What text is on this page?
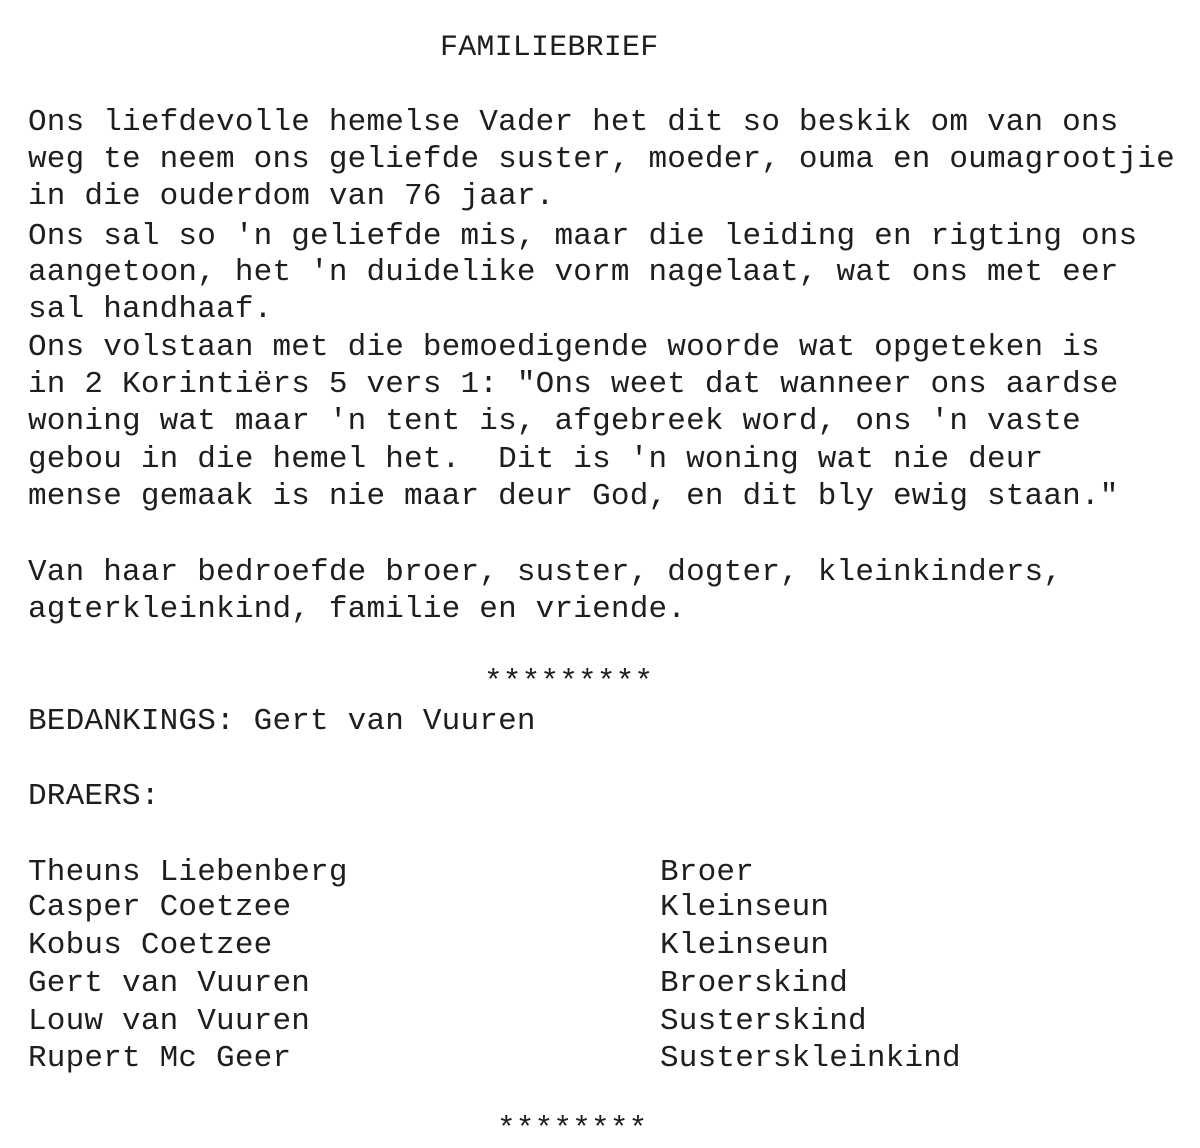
FAMILIEBRIEF
Ons liefdevolle hemelse Vader het dit so beskik om van ons
weg te neem ons geliefde suster, moeder, ouma en oumagrootjie
in die ouderdom van 76 jaar.
Ons sal so 'n geliefde mis, maar die leiding en rigting ons
aangetoon, het 'n duidelike vorm nagelaat, wat ons met eer
sal handhaaf.
Ons volstaan met die bemoedigende woorde wat opgeteken is
in 2 Korintiërs 5 vers 1: "Ons weet dat wanneer ons aardse
woning wat maar 'n tent is, afgebreek word, ons 'n vaste
gebou in die hemel het.  Dit is 'n woning wat nie deur
mense gemaak is nie maar deur God, en dit bly ewig staan."
Van haar bedroefde broer, suster, dogter, kleinkinders,
agterkleinkind, familie en vriende.
*********
BEDANKINGS: Gert van Vuuren
DRAERS:
Theuns Liebenberg	Broer
Casper Coetzee	Kleinseun
Kobus Coetzee	Kleinseun
Gert van Vuuren	Broerskind
Louw van Vuuren	Susterskind
Rupert Mc Geer	Susterskleinkind
********
